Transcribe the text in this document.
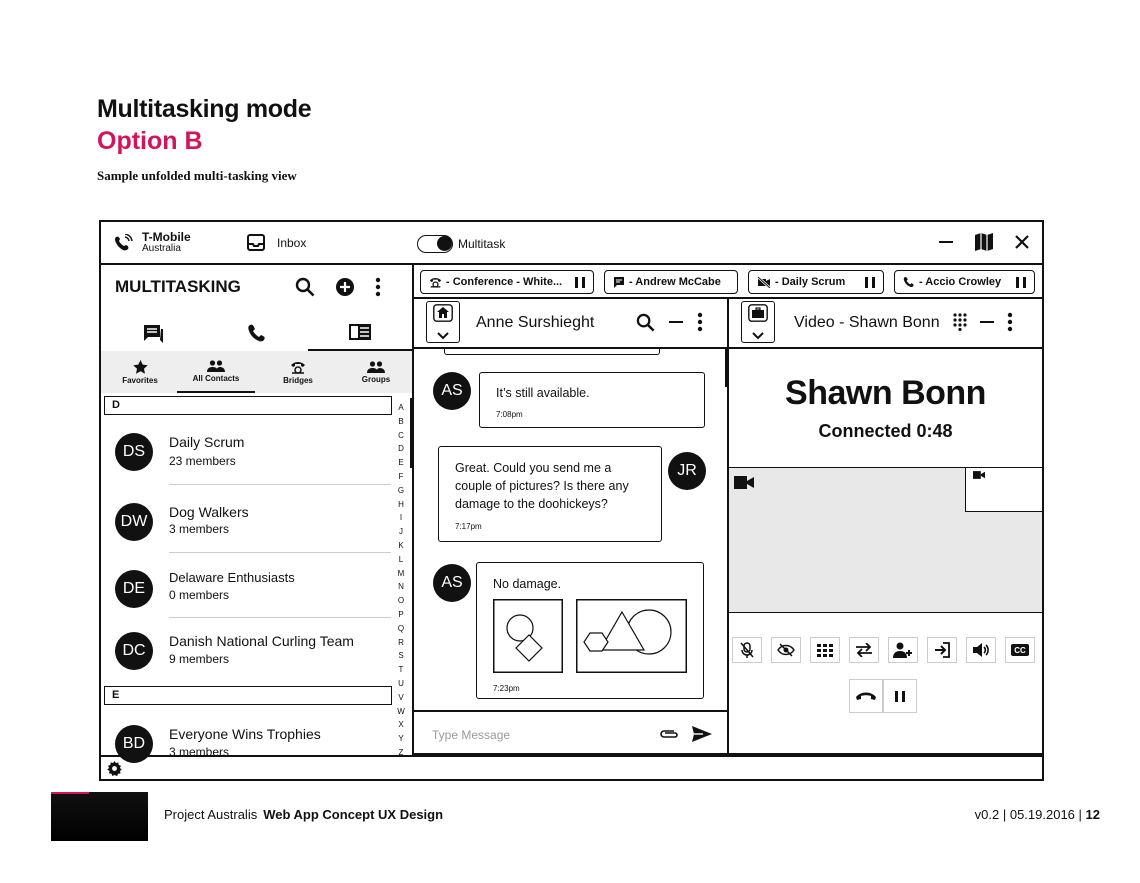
Multitasking mode
Option B
Sample unfolded multi-tasking view
T-Mobile
Australia	Inbox	Multitask
MULTITASKING
Favorites	All Contacts	Bridges	Groups
D
DS
Daily Scrum
23 members
DW
Dog Walkers
3 members
DE
Delaware Enthusiasts
0 members
DC
Danish National Curling Team
9 members
E
BD
Everyone Wins Trophies
3 members
A
B
C
D
E
F
G
H
I
J
K
L
M
N
O
P
Q
R
S
T
U
V
W
X
Y
Z
- Conference - White...	- Andrew McCabe	- Daily Scrum	- Accio Crowley
Anne Surshieght
AS	It’s still available.
7:08pm
Great. Could you send me a couple of pictures? Is there any damage to the doohickeys?
7:17pm
JR
AS	No damage.
7:23pm
Type Message
Video - Shawn Bonn
Shawn Bonn
Connected 0:48
CC
Project Australis Web App Concept UX Design	v0.2 | 05.19.2016 | 12
